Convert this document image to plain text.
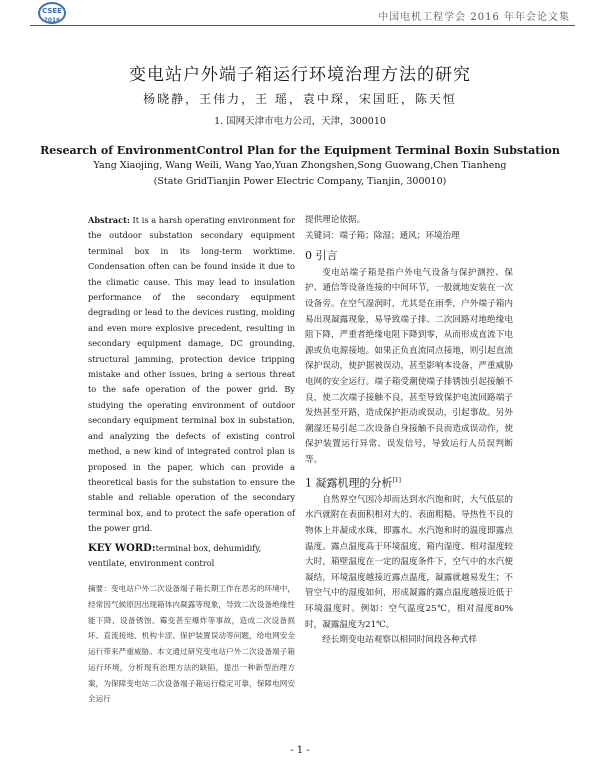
CSEE
2016	中国电机工程学会 2016 年年会论文集
变电站户外端子箱运行环境治理方法的研究
杨晓静，王伟力，王 瑶，袁中琛，宋国旺，陈天恒
1. 国网天津市电力公司，天津，300010
Research of EnvironmentControl Plan for the Equipment Terminal Boxin Substation
Yang Xiaojing, Wang Weili, Wang Yao,Yuan Zhongshen,Song Guowang,Chen Tianheng
(State GridTianjin Power Electric Company, Tianjin, 300010)

Abstract: It is a harsh operating environment for the outdoor substation secondary equipment terminal box in its long-term worktime. Condensation often can be found inside it due to the climatic cause. This may lead to insulation performance of the secondary equipment degrading or lead to the devices rusting, molding and even more explosive precedent, resulting in secondary equipment damage, DC grounding, structural jamming, protection device tripping mistake and other issues, bring a serious threat to the safe operation of the power grid. By studying the operating environment of outdoor secondary equipment terminal box in substation, and analyzing the defects of existing control method, a new kind of integrated control plan is proposed in the paper, which can provide a theoretical basis for the substation to ensure the stable and reliable operation of the secondary terminal box, and to protect the safe operation of the power grid.

KEY WORD:terminal box, dehumidify, ventilate, environment control
摘要：变电站户外二次设备端子箱长期工作在恶劣的环境中，经常因气候原因出现箱体内凝露等现象，导致二次设备绝缘性能下降、设备锈蚀、霉变甚至爆炸等事故，造成二次设备损坏、直流接地、机构卡涩、保护装置误动等问题，给电网安全运行带来严重威胁。本文通过研究变电站户外二次设备端子箱运行环境，分析现有治理方法的缺陷，提出一种新型治理方案，为保障变电站二次设备端子箱运行稳定可靠，保障电网安全运行

提供理论依据。

关键词：端子箱；除湿；通风；环境治理

0 引言

变电站端子箱是指户外电气设备与保护测控、保护、通信等设备连接的中间环节，一般就地安装在一次设备旁。在空气湿润时，尤其是在雨季，户外端子箱内易出现凝露现象，易导致端子排、二次回路对地绝缘电阻下降，严重者绝缘电阻下降到零，从而形成直流下电源或负电源接地。如果正负直流同点接地，则引起直流保护误动，使护据被误动，甚至影响本设备，严重威胁电网的安全运行。端子箱受潮使端子排锈蚀引起接触不良，使二次端子接触不良，甚至导致保护电流回路端子发热甚至开路，造成保护拒动或误动，引起事故。另外潮湿还易引起二次设备自身接触不良而造成误动作，使保护装置运行异常、误发信号，导致运行人员误判断等。

1 凝露机理的分析[1]

自然界空气因冷却而达到水汽饱和时，大气低层的水汽就附在表面积相对大的、表面粗糙、导热性不良的物体上并凝成水珠，即露水。水汽饱和时的温度即露点温度。露点温度高于环境温度，箱内湿度、相对湿度较大时，箱壁温度在一定的温度条件下，空气中的水汽便凝结，环境温度越接近露点温度，凝露就越易发生；不管空气中的湿度如何，形成凝露的露点温度越接近低于环境温度时。例如：空气温度25℃，相对湿度80%时，凝露温度为21℃。

经长期变电站观察以相同时间段各种式样

- 1 -
